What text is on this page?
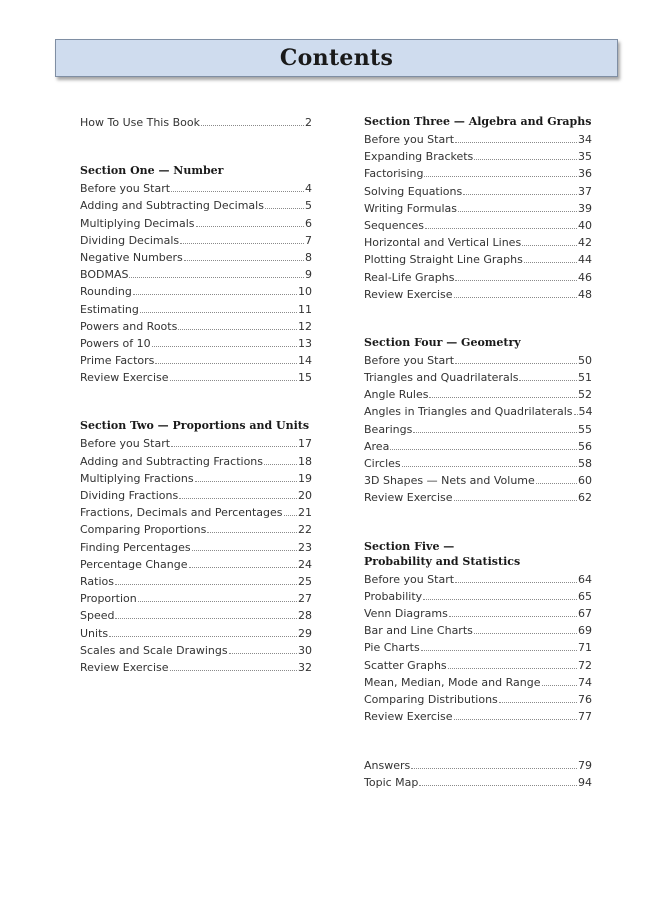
Contents
How To Use This Book	2
Section One — Number
Before you Start	4
Adding and Subtracting Decimals	5
Multiplying Decimals	6
Dividing Decimals	7
Negative Numbers	8
BODMAS	9
Rounding	10
Estimating	11
Powers and Roots	12
Powers of 10	13
Prime Factors	14
Review Exercise	15
Section Two — Proportions and Units
Before you Start	17
Adding and Subtracting Fractions	18
Multiplying Fractions	19
Dividing Fractions	20
Fractions, Decimals and Percentages 21
Comparing Proportions	22
Finding Percentages	23
Percentage Change	24
Ratios	25
Proportion	27
Speed	28
Units	29
Scales and Scale Drawings	30
Review Exercise	32
Section Three — Algebra and Graphs
Before you Start	34
Expanding Brackets	35
Factorising	36
Solving Equations	37
Writing Formulas	39
Sequences	40
Horizontal and Vertical Lines	42
Plotting Straight Line Graphs	44
Real-Life Graphs	46
Review Exercise	48
Section Four — Geometry
Before you Start	50
Triangles and Quadrilaterals	51
Angle Rules	52
Angles in Triangles and Quadrilaterals 54
Bearings	55
Area	56
Circles	58
3D Shapes — Nets and Volume	60
Review Exercise	62
Section Five —
Probability and Statistics
Before you Start	64
Probability	65
Venn Diagrams	67
Bar and Line Charts	69
Pie Charts	71
Scatter Graphs	72
Mean, Median, Mode and Range	74
Comparing Distributions	76
Review Exercise	77
Answers	79
Topic Map	94
